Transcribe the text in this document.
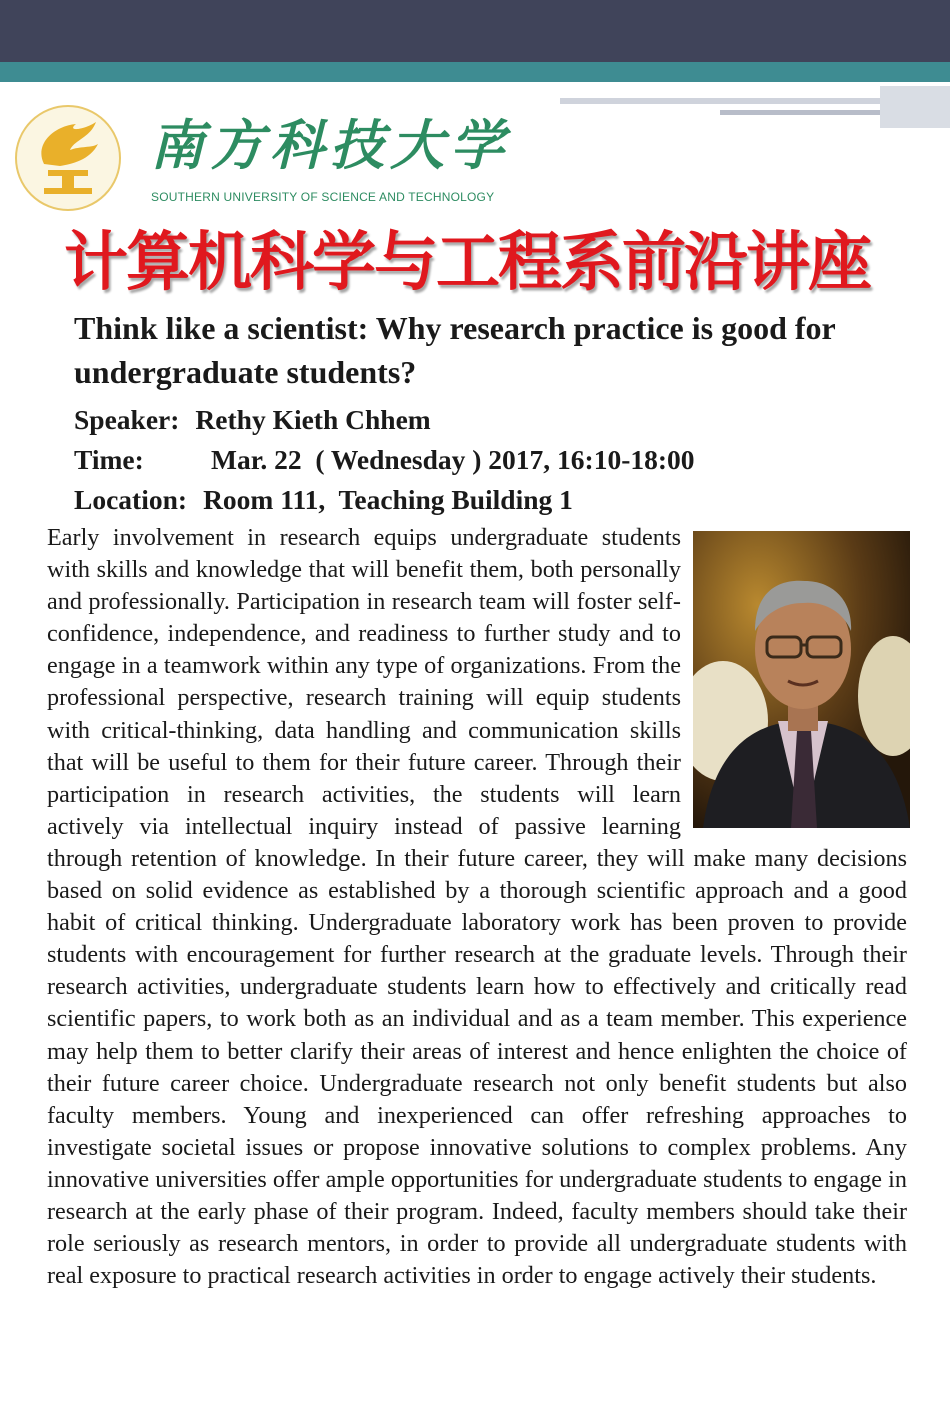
南方科技大学
SOUTHERN UNIVERSITY OF SCIENCE AND TECHNOLOGY
计算机科学与工程系前沿讲座
Think like a scientist: Why research practice is good for undergraduate students?
Speaker: Rethy Kieth Chhem
Time: Mar. 22  ( Wednesday ) 2017, 16:10-18:00
Location: Room 111,  Teaching Building 1

Early involvement in research equips undergraduate students with skills and knowledge that will benefit them, both personally and professionally. Participation in research team will foster self-confidence, independence, and readiness to further study and to engage in a teamwork within any type of organizations. From the professional perspective, research training will equip students with critical-thinking, data handling and communication skills that will be useful to them for their future career. Through their participation in research activities, the students will learn actively via intellectual inquiry instead of passive learning through retention of knowledge. In their future career, they will make many decisions based on solid evidence as established by a thorough scientific approach and a good habit of critical thinking. Undergraduate laboratory work has been proven to provide students with encouragement for further research at the graduate levels. Through their research activities, undergraduate students learn how to effectively and critically read scientific papers, to work both as an individual and as a team member. This experience may help them to better clarify their areas of interest and hence enlighten the choice of their future career choice. Undergraduate research not only benefit students but also faculty members. Young and inexperienced can offer refreshing approaches to investigate societal issues or propose innovative solutions to complex problems. Any innovative universities offer ample opportunities for undergraduate students to engage in research at the early phase of their program. Indeed, faculty members should take their role seriously as research mentors, in order to provide all undergraduate students with real exposure to practical research activities in order to engage actively their students.
